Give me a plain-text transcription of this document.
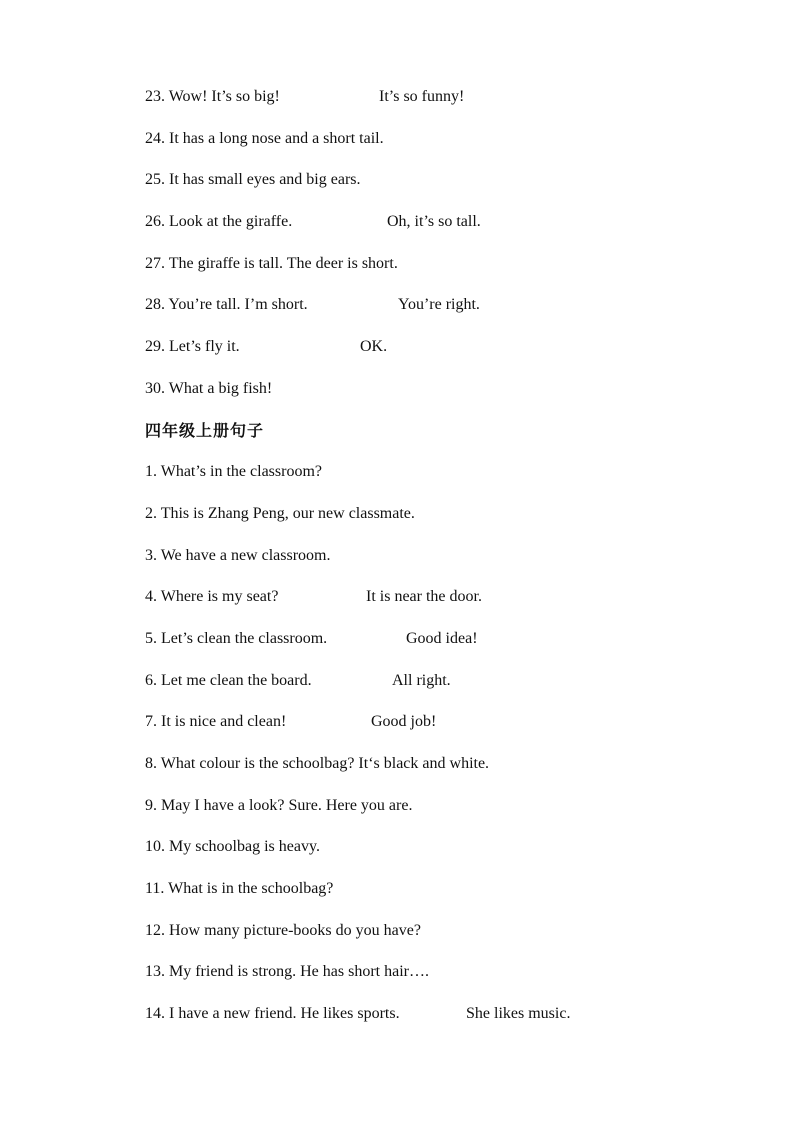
23. Wow! It’s so big!	It’s so funny!
24. It has a long nose and a short tail.
25. It has small eyes and big ears.
26. Look at the giraffe.	Oh, it’s so tall.
27. The giraffe is tall. The deer is short.
28. You’re tall. I’m short.	You’re right.
29. Let’s fly it.	OK.
30. What a big fish!
四年级上册句子
1. What’s in the classroom?
2. This is Zhang Peng, our new classmate.
3. We have a new classroom.
4. Where is my seat?	It is near the door.
5. Let’s clean the classroom.	Good idea!
6. Let me clean the board.	All right.
7. It is nice and clean!	Good job!
8. What colour is the schoolbag? It‘s black and white.
9. May I have a look? Sure. Here you are.
10. My schoolbag is heavy.
11. What is in the schoolbag?
12. How many picture-books do you have?
13. My friend is strong. He has short hair….
14. I have a new friend. He likes sports.	She likes music.
